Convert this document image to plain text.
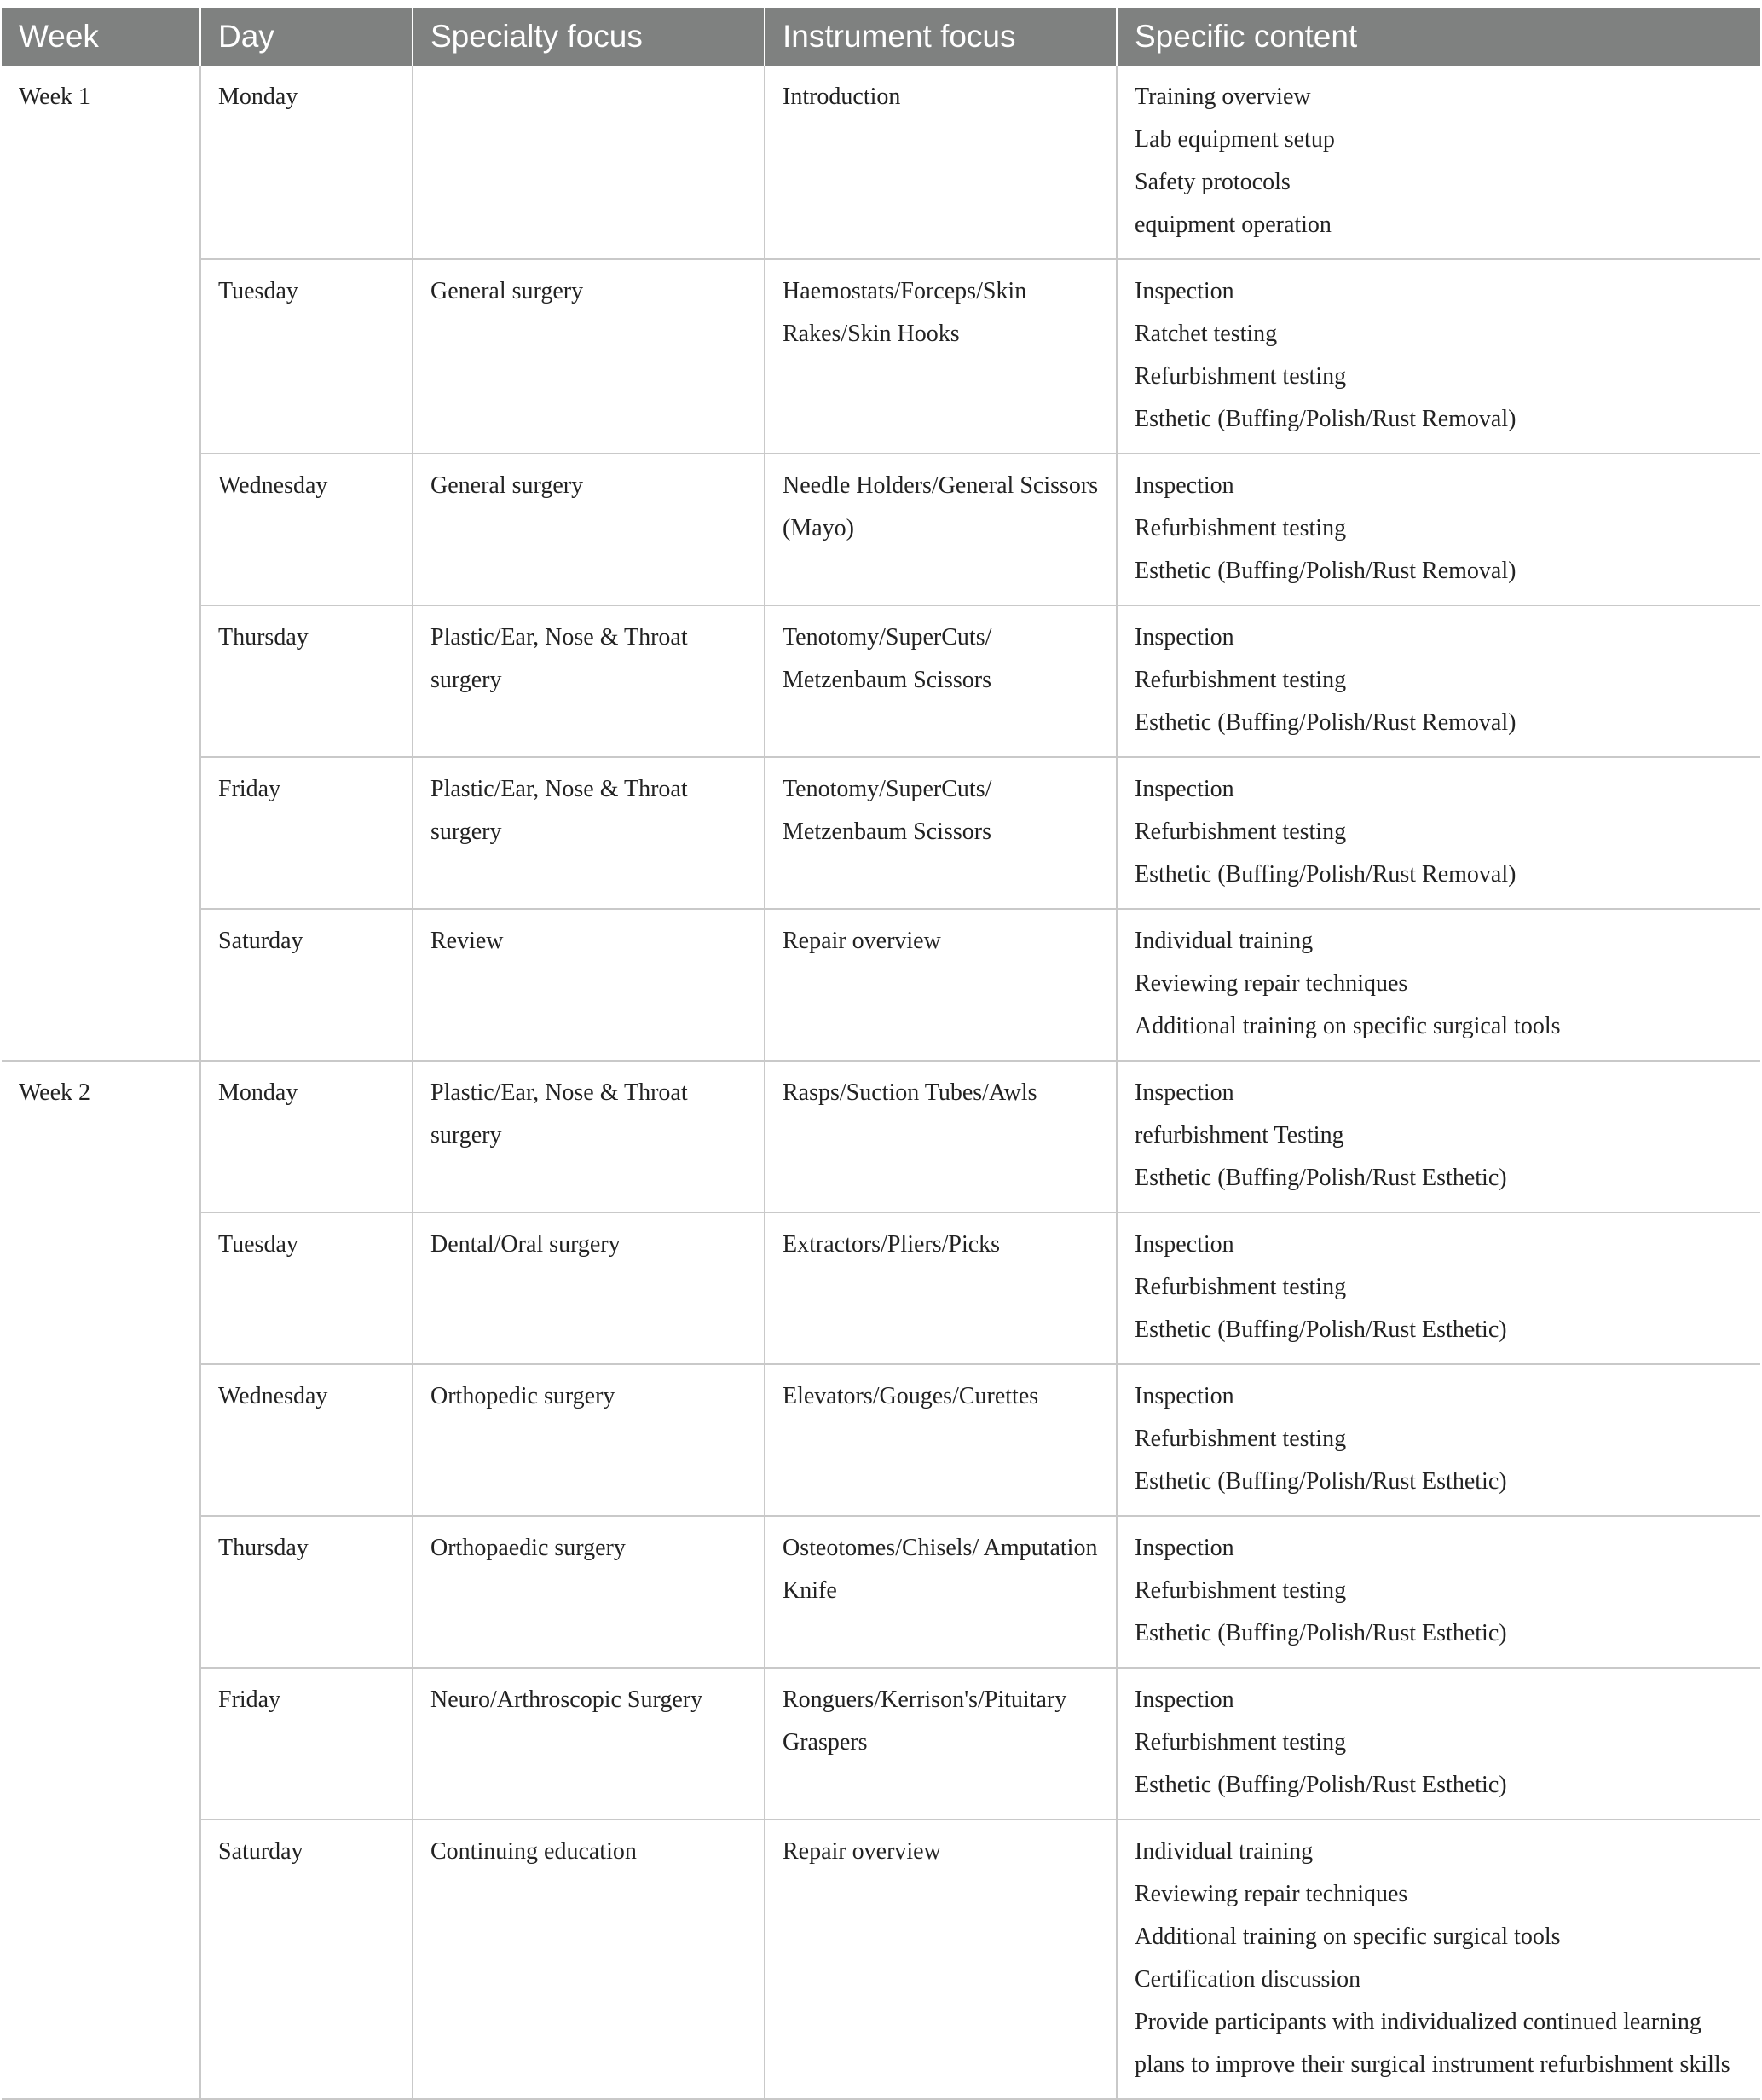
Week	Day	Specialty focus	Instrument focus	Specific content
Week 1	Monday		Introduction	Training overview
Lab equipment setup
Safety protocols
equipment operation

	Tuesday	General surgery	Haemostats/Forceps/Skin Rakes/Skin Hooks	Inspection
Ratchet testing
Refurbishment testing
Esthetic (Buffing/Polish/Rust Removal)

	Wednesday	General surgery	Needle Holders/General Scissors (Mayo)	Inspection
Refurbishment testing
Esthetic (Buffing/Polish/Rust Removal)

	Thursday	Plastic/Ear, Nose & Throat surgery	Tenotomy/SuperCuts/ Metzenbaum Scissors	Inspection
Refurbishment testing
Esthetic (Buffing/Polish/Rust Removal)

	Friday	Plastic/Ear, Nose & Throat surgery	Tenotomy/SuperCuts/ Metzenbaum Scissors	Inspection
Refurbishment testing
Esthetic (Buffing/Polish/Rust Removal)

	Saturday	Review	Repair overview	Individual training
Reviewing repair techniques
Additional training on specific surgical tools

Week 2	Monday	Plastic/Ear, Nose & Throat surgery	Rasps/Suction Tubes/Awls	Inspection
refurbishment Testing
Esthetic (Buffing/Polish/Rust Esthetic)

	Tuesday	Dental/Oral surgery	Extractors/Pliers/Picks	Inspection
Refurbishment testing
Esthetic (Buffing/Polish/Rust Esthetic)

	Wednesday	Orthopedic surgery	Elevators/Gouges/Curettes	Inspection
Refurbishment testing
Esthetic (Buffing/Polish/Rust Esthetic)

	Thursday	Orthopaedic surgery	Osteotomes/Chisels/ Amputation Knife	Inspection
Refurbishment testing
Esthetic (Buffing/Polish/Rust Esthetic)

	Friday	Neuro/Arthroscopic Surgery	Ronguers/Kerrison's/Pituitary Graspers	Inspection
Refurbishment testing
Esthetic (Buffing/Polish/Rust Esthetic)

	Saturday	Continuing education	Repair overview	Individual training
Reviewing repair techniques
Additional training on specific surgical tools
Certification discussion
Provide participants with individualized continued learning plans to improve their surgical instrument refurbishment skills
